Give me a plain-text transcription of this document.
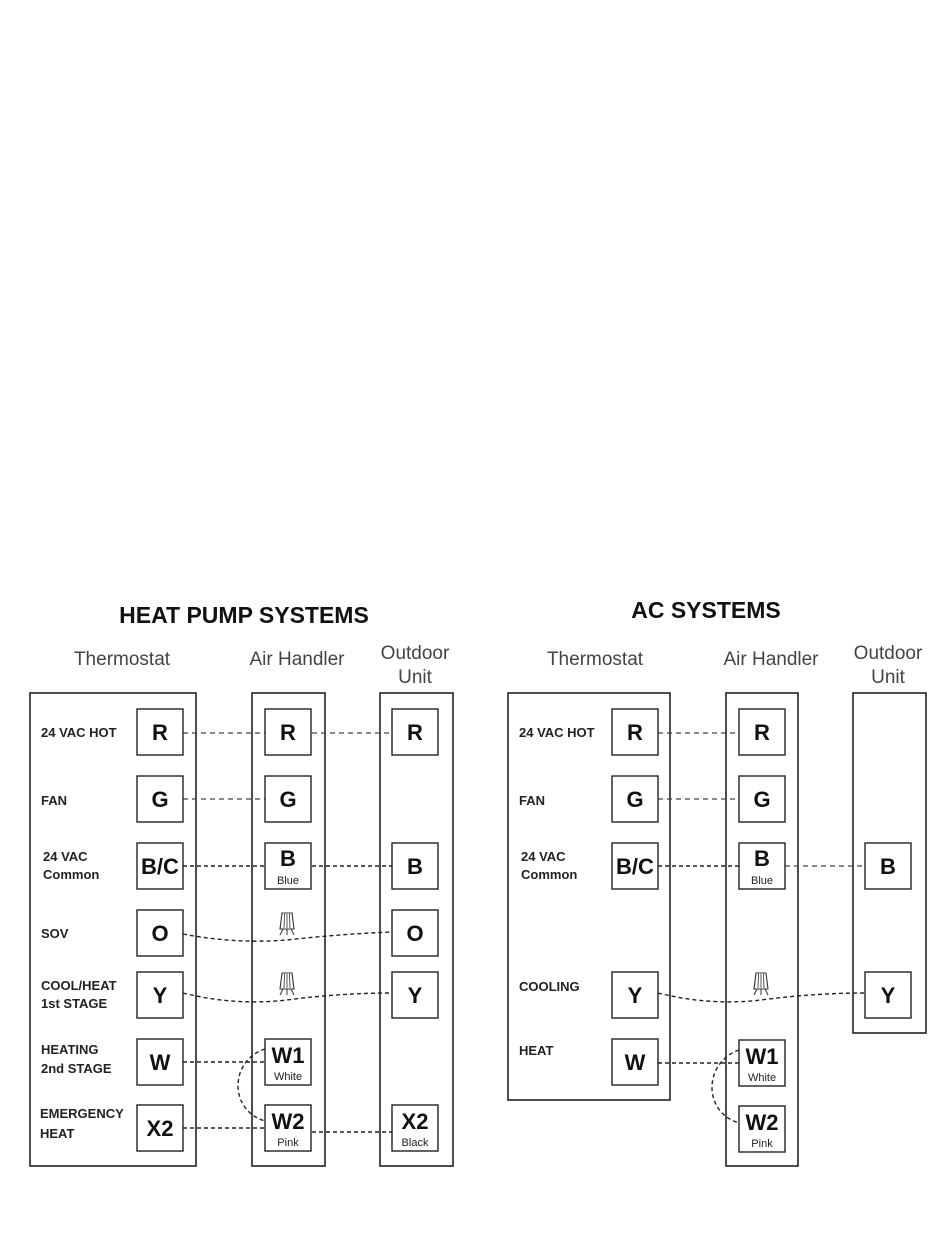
HEAT PUMP SYSTEMS
Thermostat	Air Handler Outdoor
Unit
24 VAC HOT
FAN
24 VAC
Common
SOV
COOL/HEAT
1st STAGE
HEATING
2nd STAGE
EMERGENCY
HEAT
R
G
B/C
O
Y
W
X2
R
G
B
Blue
W1
White
W2
Pink
R
B
O
Y
X2
Black
AC SYSTEMS
Thermostat	Air Handler Outdoor
Unit
24 VAC HOT
FAN
24 VAC
Common
COOLING
HEAT
R
G
B/C
Y
W
R
G
B
Blue
W1
White
W2
Pink
B
Y
